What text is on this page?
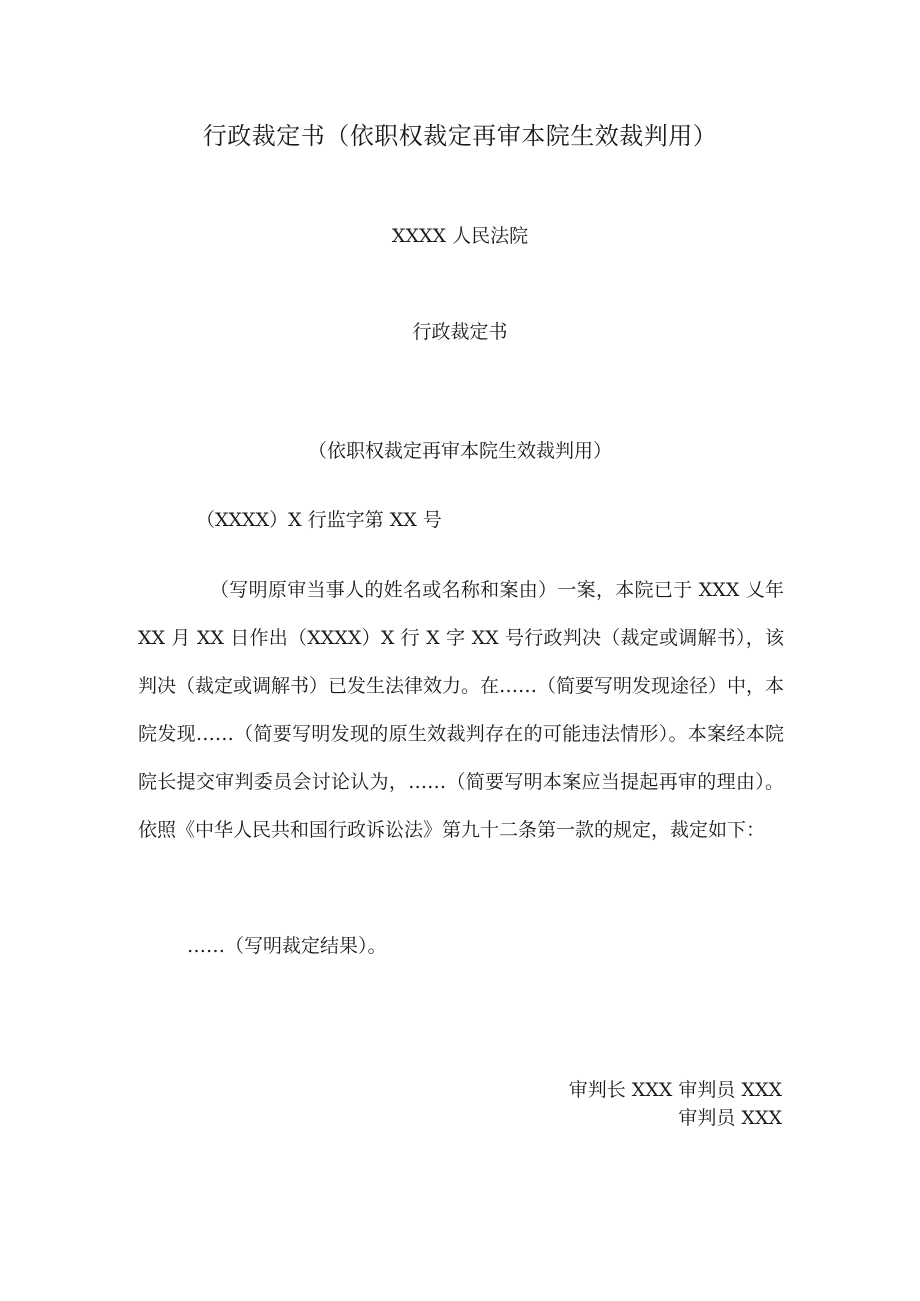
行政裁定书（依职权裁定再审本院生效裁判用）
XXXX 人民法院
行政裁定书
（依职权裁定再审本院生效裁判用）
（XXXX）X 行监字第 XX 号

（写明原审当事人的姓名或名称和案由）一案，本院已于 XXX 乂年 XX 月 XX 日作出（XXXX）X 行 X 字 XX 号行政判决（裁定或调解书），该判决（裁定或调解书）已发生法律效力。在……（简要写明发现途径）中，本院发现……（简要写明发现的原生效裁判存在的可能违法情形）。本案经本院院长提交审判委员会讨论认为，……（简要写明本案应当提起再审的理由）。依照《中华人民共和国行政诉讼法》第九十二条第一款的规定，裁定如下：

……（写明裁定结果）。
审判长 XXX 审判员 XXX
审判员 XXX
